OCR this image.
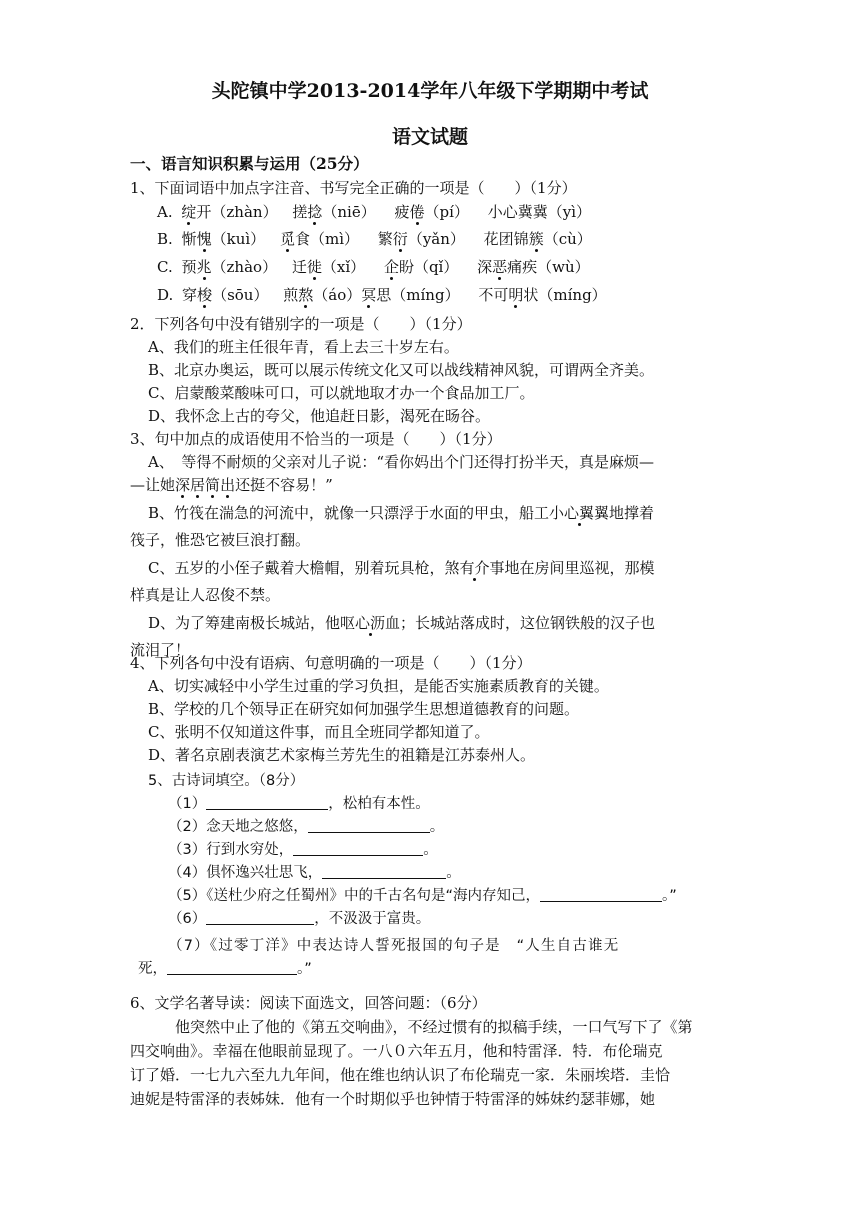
头陀镇中学2013-2014学年八年级下学期期中考试
语文试题
一、语言知识积累与运用（25分）
1、下面词语中加点字注音、书写完全正确的一项是（　　）（1分）
A. 绽开（zhàn） 搓捻（niē） 疲倦（pí） 小心冀冀（yì）
B. 惭愧（kuì） 觅食（mì） 繁衍（yǎn） 花团锦簇（cù）
C. 预兆（zhào） 迁徙（xǐ） 企盼（qǐ） 深恶痛疾（wù）
D. 穿梭（sōu） 煎熬（áo）冥思（míng） 不可明状（míng）
2．下列各句中没有错别字的一项是（　　）（1分）
A、我们的班主任很年青，看上去三十岁左右。
B、北京办奥运，既可以展示传统文化又可以战线精神风貌，可谓两全齐美。
C、启蒙酸菜酸味可口，可以就地取才办一个食品加工厂。
D、我怀念上古的夸父，他追赶日影，渴死在旸谷。
3、句中加点的成语使用不恰当的一项是（　　）（1分）
A、　等得不耐烦的父亲对儿子说：“看你妈出个门还得打扮半天，真是麻烦—
—让她深居简出还挺不容易！”
B、竹筏在湍急的河流中，就像一只漂浮于水面的甲虫，船工小心翼翼地撑着
筏子，惟恐它被巨浪打翻。
C、五岁的小侄子戴着大檐帽，别着玩具枪，煞有介事地在房间里巡视，那模
样真是让人忍俊不禁。
D、为了筹建南极长城站，他呕心沥血；长城站落成时，这位钢铁般的汉子也
流泪了！
4、下列各句中没有语病、句意明确的一项是（　　）（1分）
A、切实减轻中小学生过重的学习负担，是能否实施素质教育的关键。
B、学校的几个领导正在研究如何加强学生思想道德教育的问题。
C、张明不仅知道这件事，而且全班同学都知道了。
D、著名京剧表演艺术家梅兰芳先生的祖籍是江苏泰州人。
5、古诗词填空。（8分）
（1）	，松柏有本性。
（2）念天地之悠悠，	。
（3）行到水穷处，	。
（4）俱怀逸兴壮思飞，	。
（5）《送杜少府之任蜀州》中的千古名句是“海内存知己，	。”
（6）	，不汲汲于富贵。
（7）《过零丁洋》中表达诗人誓死报国的句子是　“人生自古谁无
死，	。”
6、文学名著导读：阅读下面选文，回答问题：（6分）
他突然中止了他的《第五交响曲》，不经过惯有的拟稿手续，一口气写下了《第
四交响曲》。幸福在他眼前显现了。一八０六年五月，他和特雷泽．特．布伦瑞克
订了婚．一七九六至九九年间，他在维也纳认识了布伦瑞克一家．朱丽埃塔．圭恰
迪妮是特雷泽的表姊妹．他有一个时期似乎也钟情于特雷泽的姊妹约瑟菲娜，她
